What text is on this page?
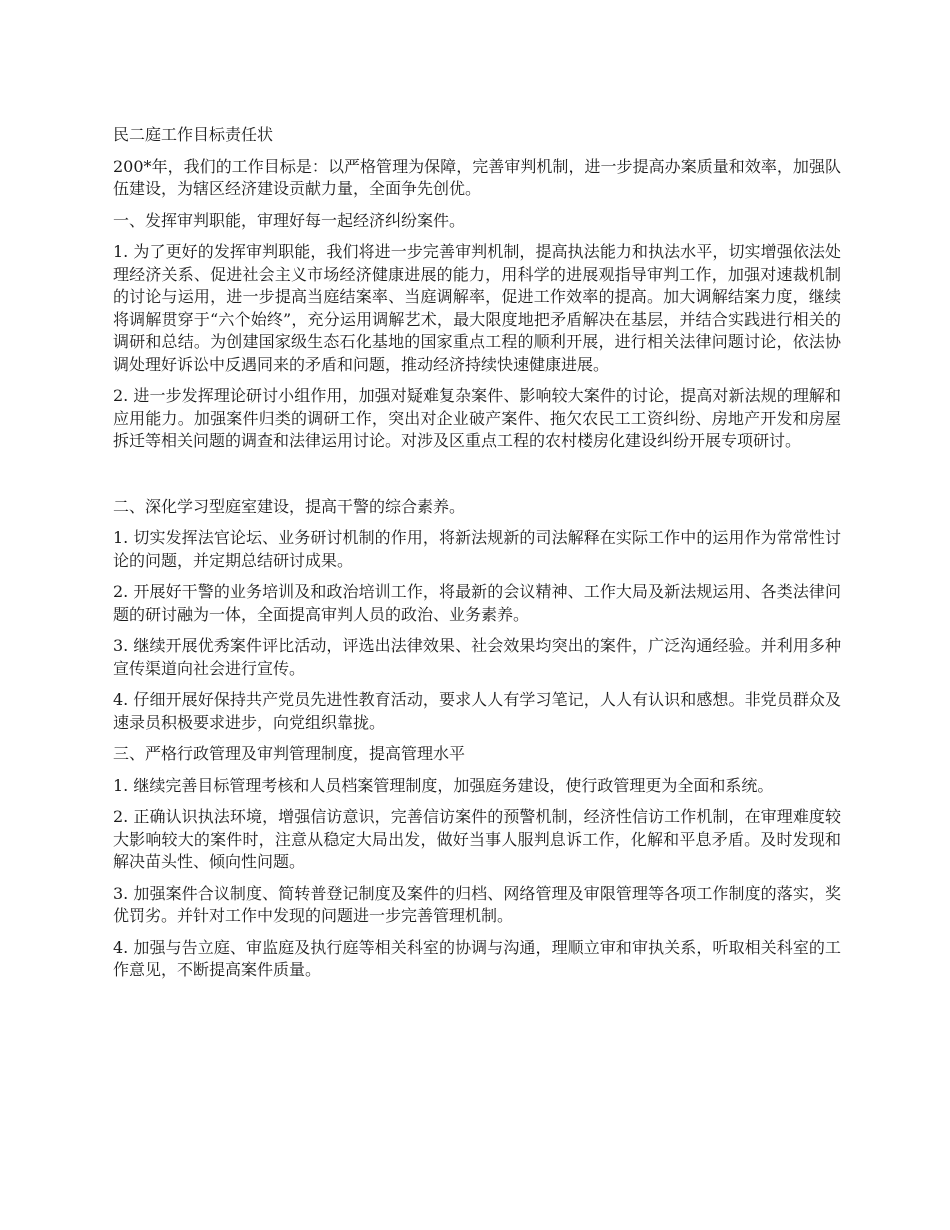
民二庭工作目标责任状

200*年，我们的工作目标是：以严格管理为保障，完善审判机制，进一步提高办案质量和效率，加强队伍建设，为辖区经济建设贡献力量，全面争先创优。

一、发挥审判职能，审理好每一起经济纠纷案件。

1. 为了更好的发挥审判职能，我们将进一步完善审判机制，提高执法能力和执法水平，切实增强依法处理经济关系、促进社会主义市场经济健康进展的能力，用科学的进展观指导审判工作，加强对速裁机制的讨论与运用，进一步提高当庭结案率、当庭调解率，促进工作效率的提高。加大调解结案力度，继续将调解贯穿于“六个始终”，充分运用调解艺术，最大限度地把矛盾解决在基层，并结合实践进行相关的调研和总结。为创建国家级生态石化基地的国家重点工程的顺利开展，进行相关法律问题讨论，依法协调处理好诉讼中反遇同来的矛盾和问题，推动经济持续快速健康进展。

2. 进一步发挥理论研讨小组作用，加强对疑难复杂案件、影响较大案件的讨论，提高对新法规的理解和应用能力。加强案件归类的调研工作，突出对企业破产案件、拖欠农民工工资纠纷、房地产开发和房屋拆迁等相关问题的调查和法律运用讨论。对涉及区重点工程的农村楼房化建设纠纷开展专项研讨。

二、深化学习型庭室建设，提高干警的综合素养。

1. 切实发挥法官论坛、业务研讨机制的作用，将新法规新的司法解释在实际工作中的运用作为常常性讨论的问题，并定期总结研讨成果。

2. 开展好干警的业务培训及和政治培训工作，将最新的会议精神、工作大局及新法规运用、各类法律问题的研讨融为一体，全面提高审判人员的政治、业务素养。

3. 继续开展优秀案件评比活动，评选出法律效果、社会效果均突出的案件，广泛沟通经验。并利用多种宣传渠道向社会进行宣传。

4. 仔细开展好保持共产党员先进性教育活动，要求人人有学习笔记，人人有认识和感想。非党员群众及速录员积极要求进步，向党组织靠拢。

三、严格行政管理及审判管理制度，提高管理水平

1. 继续完善目标管理考核和人员档案管理制度，加强庭务建设，使行政管理更为全面和系统。

2. 正确认识执法环境，增强信访意识，完善信访案件的预警机制，经济性信访工作机制，在审理难度较大影响较大的案件时，注意从稳定大局出发，做好当事人服判息诉工作，化解和平息矛盾。及时发现和解决苗头性、倾向性问题。

3. 加强案件合议制度、简转普登记制度及案件的归档、网络管理及审限管理等各项工作制度的落实，奖优罚劣。并针对工作中发现的问题进一步完善管理机制。

4. 加强与告立庭、审监庭及执行庭等相关科室的协调与沟通，理顺立审和审执关系，听取相关科室的工作意见，不断提高案件质量。
